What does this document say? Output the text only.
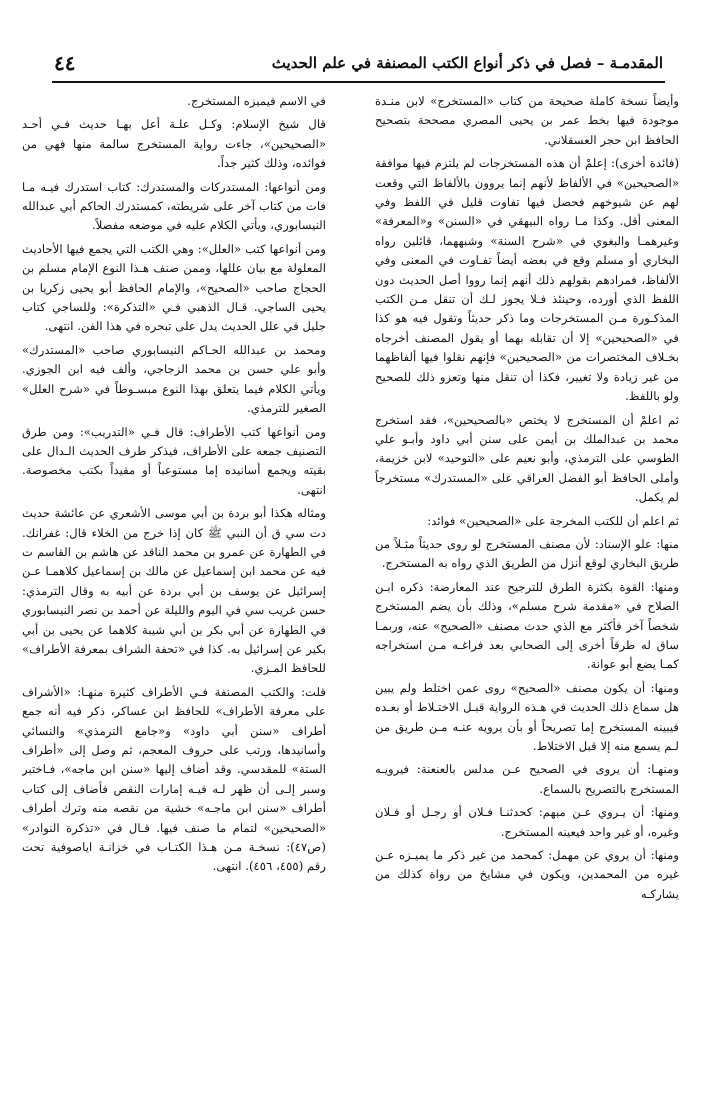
المقدمـة – فصل في ذكر أنواع الكتب المصنفة في علم الحديث
٤٤

وأيضاً نسخة كاملة صحيحة من كتاب «المستخرج» لابن منـدة موجودة فيها بخط عمر بن يحيى المصري مصححة بتصحيح الحافظ ابن حجر العسقلاني.

(فائدة أخرى): إعلمْ أن هذه المستخرجات لم يلتزم فيها موافقة «الصحيحين» في الألفاظ لأنهم إنما يروون بالألفاظ التي وقعت لهم عن شيوخهم فحصل فيها تفاوت قليل في اللفظ وفي المعنى أقل. وكذا مـا رواه البيهقي في «السنن» و«المعرفة» وغيرهمـا والبغوي في «شرح السنة» وشبههما، قائلين رواه البخاري أو مسلم وقع في بعضه أيضاً تفـاوت في المعنى وفي الألفاظ، فمرادهم بقولهم ذلك أنهم إنما رووا أصل الحديث دون اللفظ الذي أورده، وحينئذ فـلا يجوز لـك أن تنقل مـن الكتب المذكـورة مـن المستخرجات وما ذكر حديثاً وتقول فيه هو كذا في «الصحيحين» إلا أن تقابله بهما أو يقول المصنف أخرجاه بخـلاف المختصرات من «الصحيحين» فإنهم نقلوا فيها ألفاظهما من غير زيادة ولا تغيير، فكذا أن تنقل منها وتعزو ذلك للصحيح ولو باللفظ.

ثم اعلمْ أن المستخرج لا يختص «بالصحيحين»، فقد استخرج محمد بن عبدالملك بن أيمن على سنن أبي داود وأبـو علي الطوسي على الترمذي، وأبو نعيم على «التوحيد» لابن خزيمة، وأملى الحافظ أبو الفضل العراقي على «المستدرك» مستخرجاً لم يكمل.

ثم اعلم أن للكتب المخرجة على «الصحيحين» فوائد:

منها: علو الإسناد: لأن مصنف المستخرج لو روى حديثاً مثـلاً من طريق البخاري لوقع أنزل من الطريق الذي رواه به المستخرج.

ومنها: القوة بكثرة الطرق للترجيح عند المعارضة: ذكره ابـن الصلاح في «مقدمة شرح مسلم»، وذلك بأن يضم المستخرج شخصاً آخر فأكثر مع الذي حدث مصنف «الصحيح» عنه، وربمـا ساق له طرقاً أخرى إلى الصحابي بعد فراغـه مـن استخراجه كمـا يضع أبو عوانة.

ومنها: أن يكون مصنف «الصحيح» روى عمن اختلط ولم يبين هل سماع ذلك الحديث في هـذه الرواية قبـل الاختـلاط أو بعـده فيبينه المستخرج إما تصريحاً أو بأن يرويه عنـه مـن طريق من لـم يسمع منه إلا قبل الاختلاط.

ومنهـا: أن يروى في الصحيح عـن مدلس بالعنعنة: فيرويـه المستخرج بالتصريح بالسماع.

ومنها: أن يـروي عـن مبهم: كحدثنـا فـلان أو رجـل أو فـلان وغيره، أو غير واحد فيعينه المستخرج.

ومنها: أن يروي عن مهمل: كمحمد من غير ذكر ما يميـزه عـن غيره من المحمدين، ويكون في مشايخ من رواة كذلك من يشاركـه

في الاسم فيميزه المستخرج.

قال شيخ الإسلام: وكـل علـة أعل بهـا حديث فـي أحـد «الصحيحين»، جاءت رواية المستخرج سالمة منها فهي من فوائده، وذلك كثير جداً.

ومن أنواعها: المستدركات والمستدرك: كتاب استدرك فيـه مـا فات من كتاب آخر على شريطته، كمستدرك الحاكم أبي عبدالله النيسابوري، ويأتي الكلام عليه في موضعه مفصلاً.

ومن أنواعها كتب «العلل»: وهي الكتب التي يجمع فيها الأحاديث المعلولة مع بيان عللها، وممن صنف هـذا النوع الإمام مسلم بن الحجاج صاحب «الصحيح»، والإمام الحافظ أبو يحيى زكريا بن يحيى الساجي. قـال الذهبي فـي «التذكرة»: وللساجي كتاب جليل في علل الحديث يدل على تبحره في هذا الفن. انتهى.

ومحمد بن عبدالله الحـاكم النيسابوري صاحب «المستدرك» وأبو علي حسن بن محمد الزجاجي، وألف فيه ابن الجوزي. ويأتي الكلام فيما يتعلق بهذا النوع مبسـوطاً في «شرح العلل» الصغير للترمذي.

ومن أنواعها كتب الأطراف: قال فـي «التدريب»: ومن طرق التصنيف جمعه على الأطراف، فيذكر طرف الحديث الـدال على بقيته ويجمع أسانيده إما مستوعباً أو مقيداً بكتب مخصوصة. انتهى.

ومثاله هكذا أبو بردة بن أبي موسى الأشعري عن عائشة حديث دت سي ق أن النبي ﷺ كان إذا خرج من الخلاء قال: غفرانك. في الطهارة عن عمرو بن محمد الناقد عن هاشم بن القاسم ت فيه عن محمد ابن إسماعيل عن مالك بن إسماعيل كلاهمـا عـن إسرائيل عن يوسف بن أبي بردة عن أبيه به وقال الترمذي: حسن غريب سي في اليوم والليلة عن أحمد بن نصر النيسابوري في الطهارة عن أبي بكر بن أبي شيبة كلاهما عن يحيى بن أبي بكير عن إسرائيل به. كذا في «تحفة الشراف بمعرفة الأطراف» للحافظ المـزي.

قلت: والكتب المصنفة فـي الأطراف كثيرة منهـا: «الأشراف على معرفة الأطراف» للحافظ ابن عساكر، ذكر فيه أنه جمع أطراف «سنن أبي داود» و«جامع الترمذي» والنسائي وأسانيدها، ورتب على حروف المعجم، ثم وصل إلى «أطراف الستة» للمقدسي. وقد أضاف إليها «سنن ابن ماجه»، فـاختبر وسبر إلـى أن ظهر لـه فيـه إمارات النقص فأضاف إلى كتاب أطراف «سنن ابن ماجـه» خشية من نقصه منه وترك أطراف «الصحيحين» لتمام ما صنف فيها. قـال في «تذكرة النوادر» (ص٤٧): نسخـة مـن هـذا الكتـاب في خزانـة اياصوفية تحت رقم (٤٥٥، ٤٥٦). انتهى.
